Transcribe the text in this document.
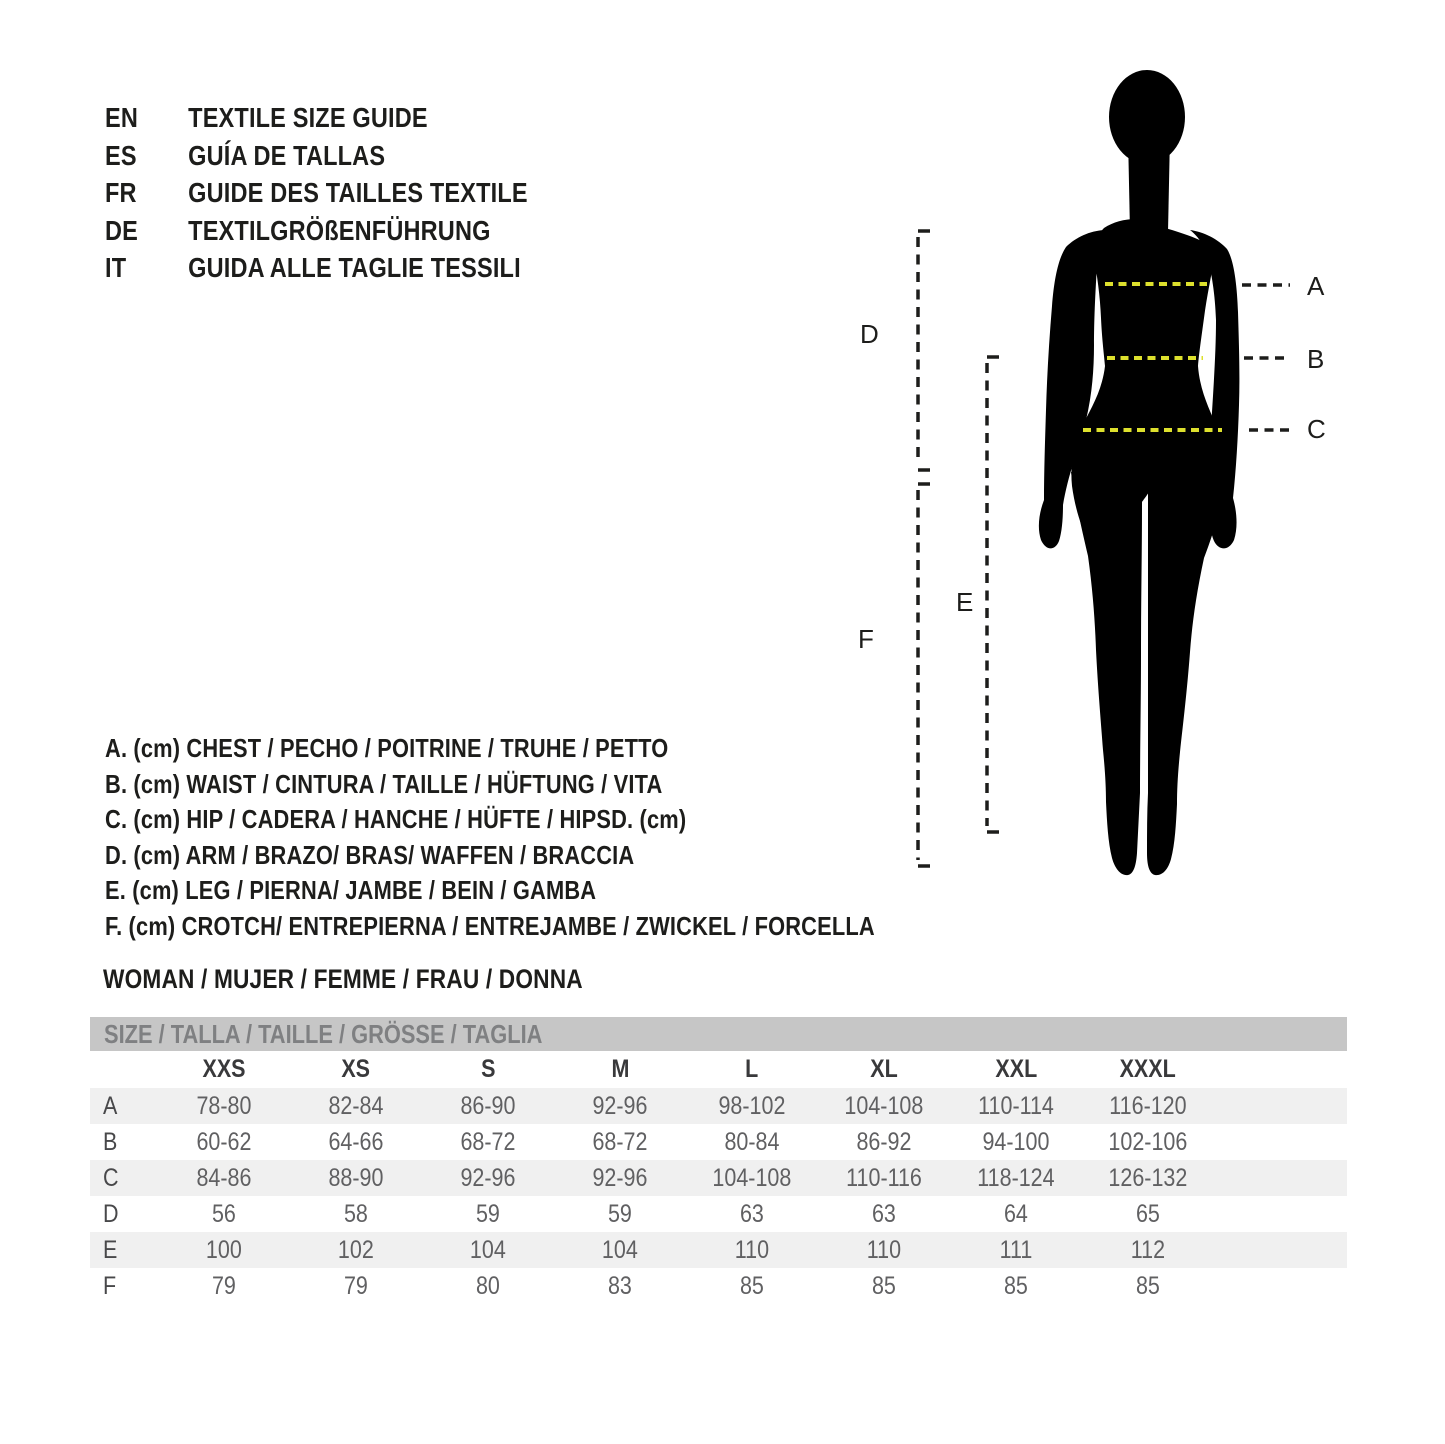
EN	TEXTILE SIZE GUIDE
ES	GUÍA DE TALLAS
FR	GUIDE DES TAILLES TEXTILE
DE	TEXTILGRÖßENFÜHRUNG
IT	GUIDA ALLE TAGLIE TESSILI
A
B
C
D
E
F
A. (cm) CHEST / PECHO / POITRINE / TRUHE / PETTO
B. (cm) WAIST / CINTURA / TAILLE / HÜFTUNG / VITA
C. (cm) HIP / CADERA / HANCHE / HÜFTE / HIPSD. (cm)
D. (cm) ARM / BRAZO/ BRAS/ WAFFEN / BRACCIA
E. (cm) LEG / PIERNA/ JAMBE / BEIN / GAMBA
F. (cm) CROTCH/ ENTREPIERNA / ENTREJAMBE / ZWICKEL / FORCELLA
WOMAN / MUJER / FEMME / FRAU / DONNA
SIZE / TALLA / TAILLE / GRÖSSE / TAGLIA
	XXS	XS	S	M	L	XL	XXL	XXXL
A	78-80	82-84	86-90	92-96	98-102	104-108	110-114	116-120
B	60-62	64-66	68-72	68-72	80-84	86-92	94-100	102-106
C	84-86	88-90	92-96	92-96	104-108	110-116	118-124	126-132
D	56	58	59	59	63	63	64	65
E	100	102	104	104	110	110	111	112
F	79	79	80	83	85	85	85	85
